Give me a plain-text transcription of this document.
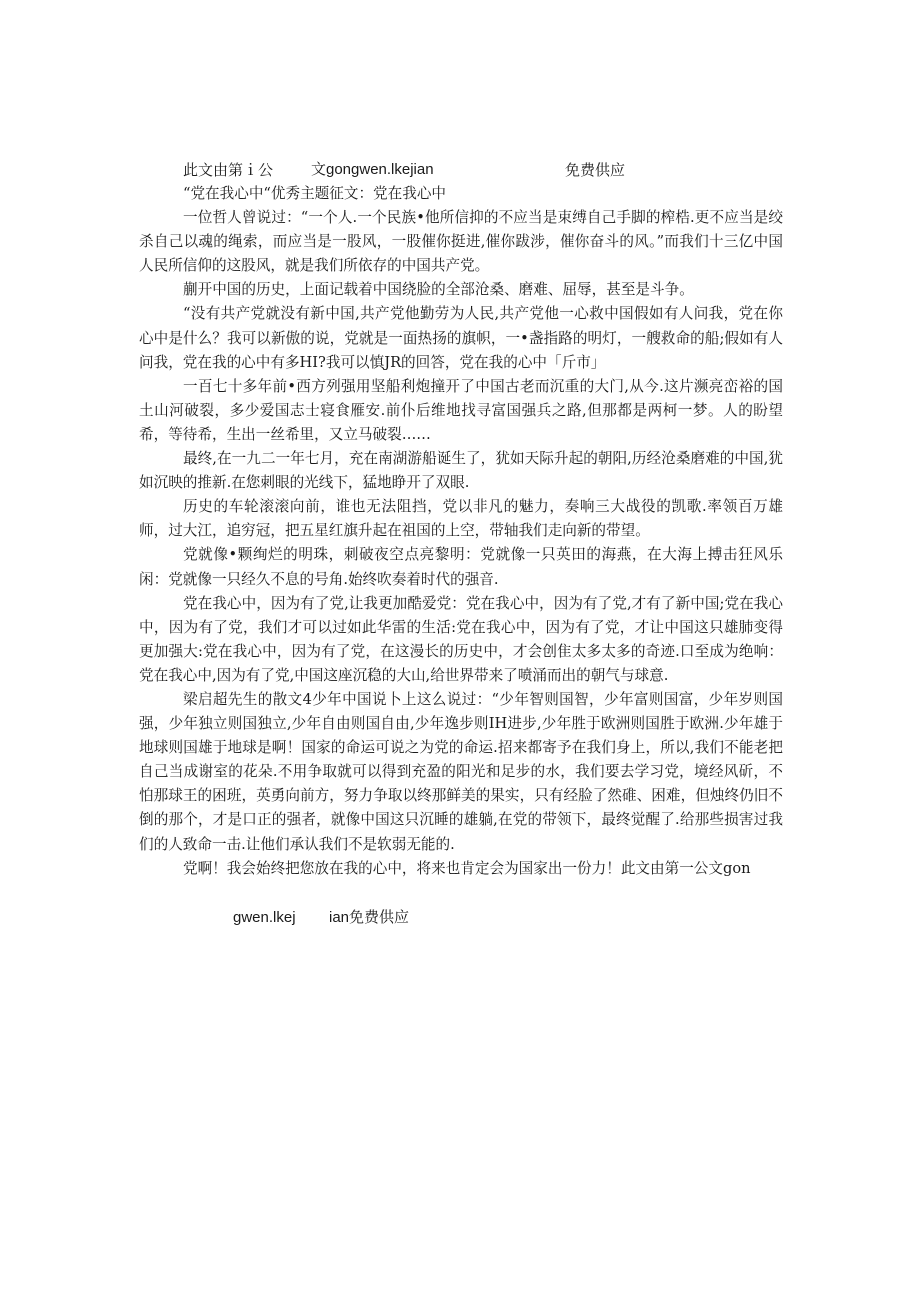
此文由第ｉ公	文gongwen.lkejian	免费供应

“党在我心中“优秀主题征文：党在我心中

一位哲人曾说过：“一个人.一个民族•他所信抑的不应当是束缚自己手脚的榨梏.更不应当是绞杀自己以魂的绳索，而应当是一股风，一股催你挺进,催你跋涉，催你奋斗的风。”而我们十三亿中国人民所信仰的这股风，就是我们所依存的中国共产党。

蒯开中国的历史，上面记载着中国绕脸的全部沧桑、磨难、屈辱，甚至是斗争。

“没有共产党就没有新中国,共产党他勤劳为人民,共产党他一心救中国假如有人问我，党在你心中是什么？我可以新傲的说，党就是一面热扬的旗帜，一•盏指路的明灯，一艘救命的船;假如有人问我，党在我的心中有多HI?我可以慎JR的回答，党在我的心中「斤市」

一百七十多年前•西方列强用坚船利炮撞开了中国古老而沉重的大门,从今.这片濒亮峦裕的国土山河破裂，多少爱国志士寝食雁安.前仆后维地找寻富国强兵之路,但那都是两柯一梦。人的盼望希，等待希，生出一丝希里，又立马破裂……

最终,在一九二一年七月，充在南湖游船诞生了，犹如天际升起的朝阳,历经沧桑磨难的中国,犹如沉映的推新.在您刺眼的光线下，猛地睁开了双眼.

历史的车轮滚滚向前，谁也无法阻挡，党以非凡的魅力，奏响三大战役的凯歌.率领百万雄师，过大江，追穷冠，把五星红旗升起在祖国的上空，带轴我们走向新的带望。

党就像•颗绚烂的明珠，刺破夜空点亮黎明：党就像一只英田的海燕，在大海上搏击狂风乐闲：党就像一只经久不息的号角.始终吹奏着时代的强音.

党在我心中，因为有了党,让我更加酷爱党：党在我心中，因为有了党,才有了新中国;党在我心中，因为有了党，我们才可以过如此华雷的生活:党在我心中，因为有了党，才让中国这只雄肺变得更加强大:党在我心中，因为有了党，在这漫长的历史中，才会创隹太多太多的奇迹.口至成为绝响：党在我心中,因为有了党,中国这座沉稳的大山,给世界带来了喷涌而出的朝气与球意.

梁启超先生的散文4少年中国说卜上这么说过：“少年智则国智，少年富则国富，少年岁则国强，少年独立则国独立,少年自由则国自由,少年逸步则IH进步,少年胜于欧洲则国胜于欧洲.少年雄于地球则国雄于地球是啊！国家的命运可说之为党的命运.招来都寄予在我们身上，所以,我们不能老把自己当成谢室的花朵.不用争取就可以得到充盈的阳光和足步的水，我们要去学习党，境经风斫，不怕那球王的困班，英勇向前方，努力争取以终那鲜美的果实，只有经脸了然碓、困难，但烛终仍旧不倒的那个，才是口正的强者，就像中国这只沉睡的雄躺,在党的带领下，最终觉醒了.给那些损害过我们的人致命一击.让他们承认我们不是软弱无能的.

党啊！我会始终把您放在我的心中，将来也肯定会为国家出一份力！此文由第一公文gon

gwen.lkej ian免费供应
